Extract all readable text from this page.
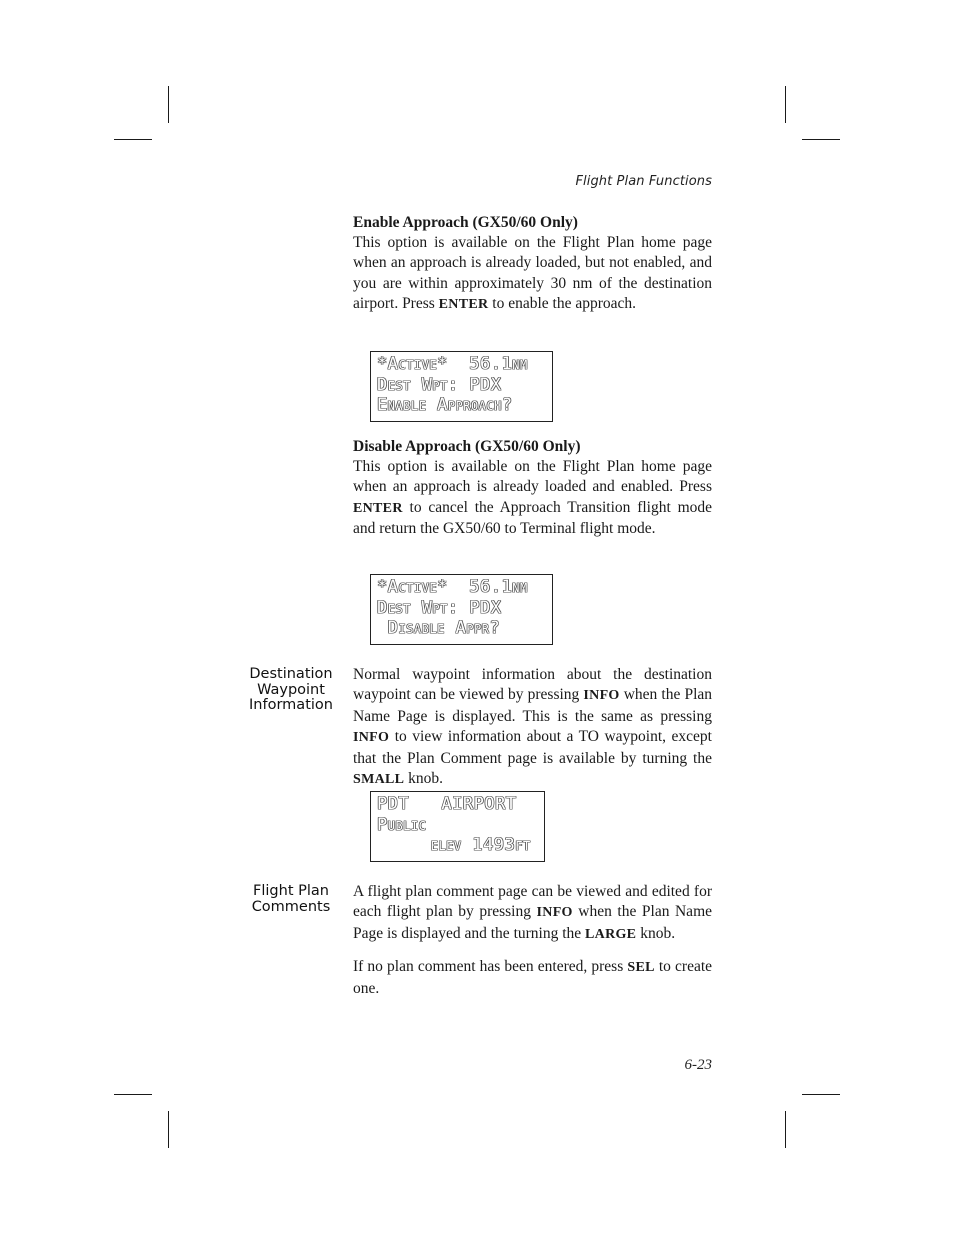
Flight Plan Functions
Enable Approach (GX50/60 Only)

This option is available on the Flight Plan home page when an approach is already loaded, but not enabled, and you are within approximately 30 nm of the destination airport. Press ENTER to enable the approach.

*Active*  56.1nm
Dest Wpt: PDX
Enable Approach?
Disable Approach (GX50/60 Only)

This option is available on the Flight Plan home page when an approach is already loaded and enabled. Press ENTER to cancel the Approach Transition flight mode and return the GX50/60 to Terminal flight mode.

*Active*  56.1nm
Dest Wpt: PDX
Disable Appr?
Destination
Waypoint
Information

Normal waypoint information about the destination waypoint can be viewed by pressing INFO when the Plan Name Page is displayed. This is the same as pressing INFO to view information about a TO waypoint, except that the Plan Comment page is available by turning the SMALL knob.

PDT   AIRPORT
Public
elev 1493ft
Flight Plan
Comments

A flight plan comment page can be viewed and edited for each flight plan by pressing INFO when the Plan Name Page is displayed and the turning the LARGE knob.

If no plan comment has been entered, press SEL to create one.

6-23
